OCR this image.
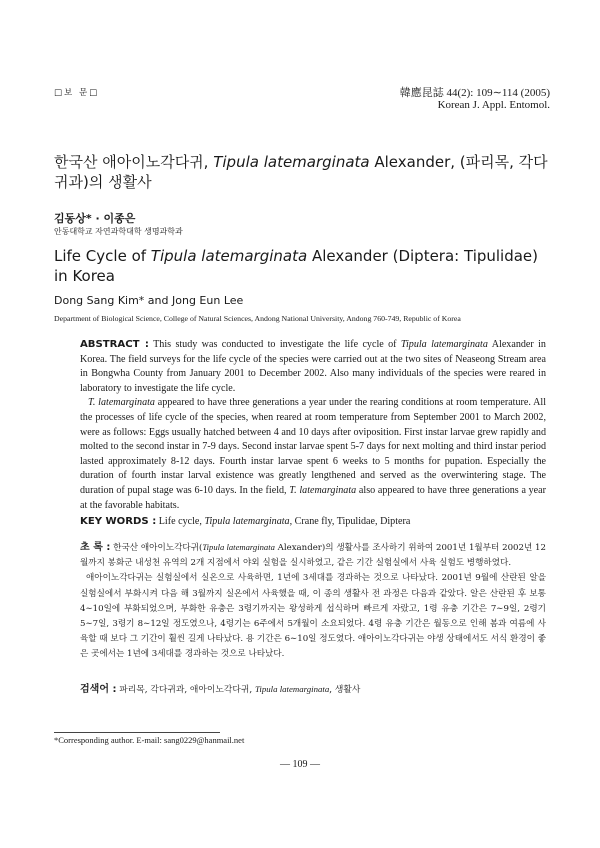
□보 문□	韓應昆誌 44(2): 109∼114 (2005)
Korean J. Appl. Entomol.
한국산 애아이노각다귀, Tipula latemarginata Alexander, (파리목, 각다귀과)의 생활사
김동상* · 이종은
안동대학교 자연과학대학 생명과학과
Life Cycle of Tipula latemarginata Alexander (Diptera: Tipulidae) in Korea
Dong Sang Kim* and Jong Eun Lee
Department of Biological Science, College of Natural Sciences, Andong National University, Andong 760-749, Republic of Korea

ABSTRACT : This study was conducted to investigate the life cycle of Tipula latemarginata Alexander in Korea. The field surveys for the life cycle of the species were carried out at the two sites of Neaseong Stream area in Bongwha County from January 2001 to December 2002. Also many individuals of the species were reared in laboratory to investigate the life cycle.

T. latemarginata appeared to have three generations a year under the rearing conditions at room temperature. All the processes of life cycle of the species, when reared at room temperature from September 2001 to March 2002, were as follows: Eggs usually hatched between 4 and 10 days after oviposition. First instar larvae grew rapidly and molted to the second instar in 7-9 days. Second instar larvae spent 5-7 days for next molting and third instar period lasted approximately 8-12 days. Fourth instar larvae spent 6 weeks to 5 months for pupation. Especially the duration of fourth instar larval existence was greatly lengthened and served as the overwintering stage. The duration of pupal stage was 6-10 days. In the field, T. latemarginata also appeared to have three generations a year at the favorable habitats.

KEY WORDS : Life cycle, Tipula latemarginata, Crane fly, Tipulidae, Diptera

초 록 : 한국산 애아이노각다귀(Tipula latemarginata Alexander)의 생활사를 조사하기 위하여 2001년 1월부터 2002년 12월까지 봉화군 내성천 유역의 2개 지점에서 야외 실험을 실시하였고, 같은 기간 실험실에서 사육 실험도 병행하였다.

애아이노각다귀는 실험실에서 실온으로 사육하면, 1년에 3세대를 경과하는 것으로 나타났다. 2001년 9월에 산란된 알을 실험실에서 부화시켜 다음 해 3월까지 실온에서 사육했을 때, 이 종의 생활사 전 과정은 다음과 같았다. 알은 산란된 후 보통 4∼10일에 부화되었으며, 부화한 유충은 3령기까지는 왕성하게 섭식하며 빠르게 자랐고, 1령 유충 기간은 7∼9일, 2령기 5∼7일, 3령기 8∼12일 정도였으나, 4령기는 6주에서 5개월이 소요되었다. 4령 유충 기간은 월동으로 인해 봄과 여름에 사육할 때 보다 그 기간이 훨씬 길게 나타났다. 용 기간은 6∼10일 정도였다. 애아이노각다귀는 야생 상태에서도 서식 환경이 좋은 곳에서는 1년에 3세대를 경과하는 것으로 나타났다.

검색어 : 파리목, 각다귀과, 애아이노각다귀, Tipula latemarginata, 생활사
*Corresponding author. E-mail: sang0229@hanmail.net
— 109 —
